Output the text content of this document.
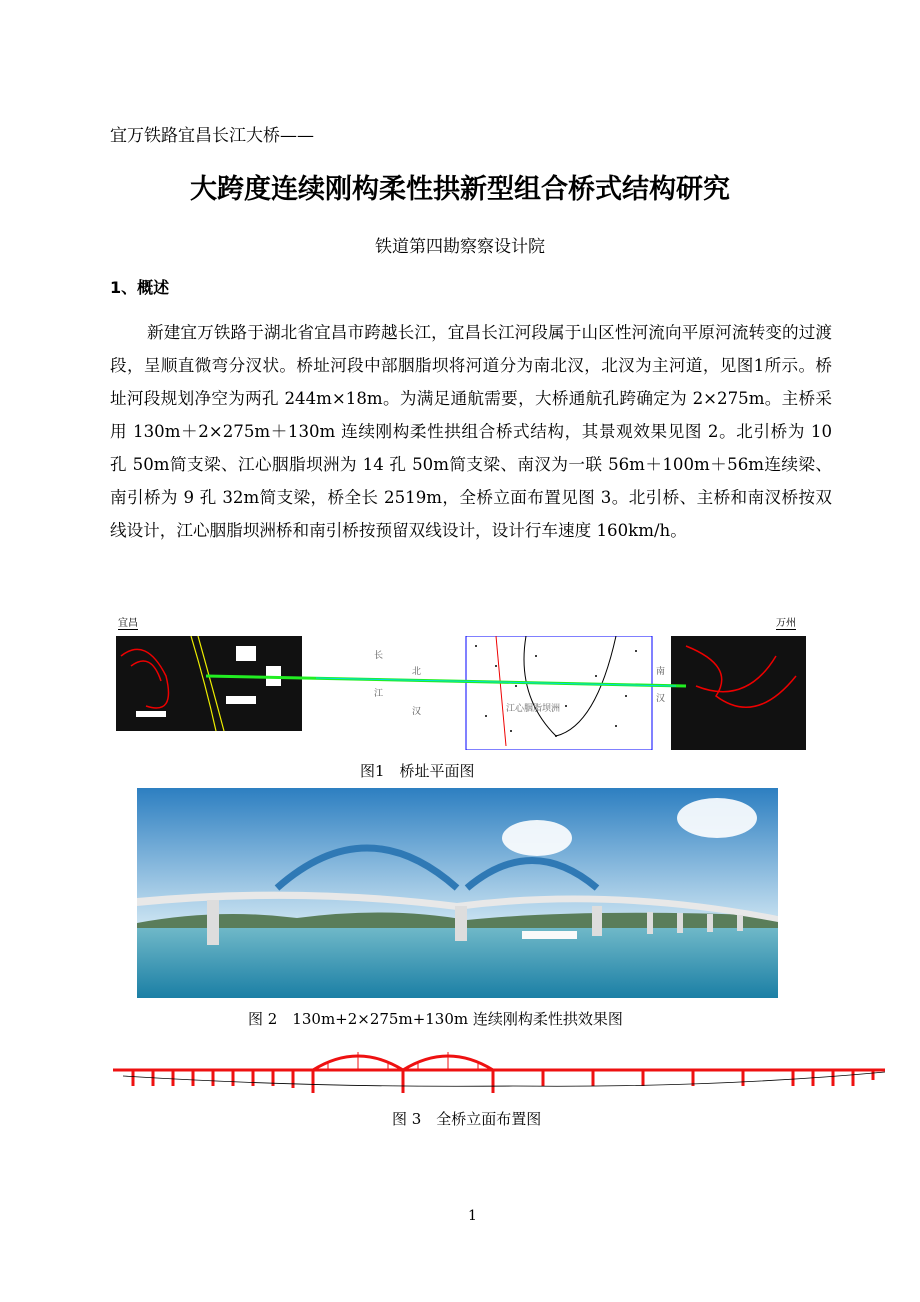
宜万铁路宜昌长江大桥——
大跨度连续刚构柔性拱新型组合桥式结构研究
铁道第四勘察察设计院
1、概述
新建宜万铁路于湖北省宜昌市跨越长江，宜昌长江河段属于山区性河流向平原河流转变的过渡段，呈顺直微弯分汊状。桥址河段中部胭脂坝将河道分为南北汊，北汊为主河道，见图1所示。桥址河段规划净空为两孔 244m×18m。为满足通航需要，大桥通航孔跨确定为 2×275m。主桥采用 130m＋2×275m＋130m 连续刚构柔性拱组合桥式结构，其景观效果见图 2。北引桥为 10 孔 50m简支梁、江心胭脂坝洲为 14 孔 50m简支梁、南汊为一联 56m＋100m＋56m连续梁、南引桥为 9 孔 32m简支梁，桥全长 2519m，全桥立面布置见图 3。北引桥、主桥和南汊桥按双线设计，江心胭脂坝洲桥和南引桥按预留双线设计，设计行车速度 160km/h。
宜昌	万州
长
江
北
汉
南
汉
江心胭脂坝洲
图1　桥址平面图
图 2　130m+2×275m+130m 连续刚构柔性拱效果图
图 3　全桥立面布置图
1
